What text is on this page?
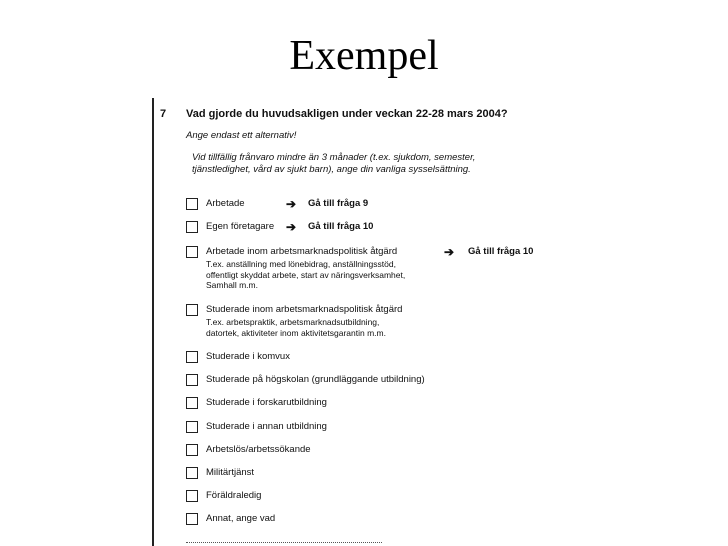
Exempel
7 Vad gjorde du huvudsakligen under veckan 22-28 mars 2004?
Ange endast ett alternativ!
Vid tillfällig frånvaro mindre än 3 månader (t.ex. sjukdom, semester, tjänstledighet, vård av sjukt barn), ange din vanliga sysselsättning.
Arbetade	➔ Gå till fråga 9
Egen företagare ➔ Gå till fråga 10
Arbetade inom arbetsmarknadspolitisk åtgärd	➔ Gå till fråga 10
T.ex. anställning med lönebidrag, anställningsstöd,
offentligt skyddat arbete, start av näringsverksamhet,
Samhall m.m.
Studerade inom arbetsmarknadspolitisk åtgärd
T.ex. arbetspraktik, arbetsmarknadsutbildning,
datortek, aktiviteter inom aktivitetsgarantin m.m.
Studerade i komvux
Studerade på högskolan (grundläggande utbildning)
Studerade i forskarutbildning
Studerade i annan utbildning
Arbetslös/arbetssökande
Militärtjänst
Föräldraledig
Annat, ange vad
